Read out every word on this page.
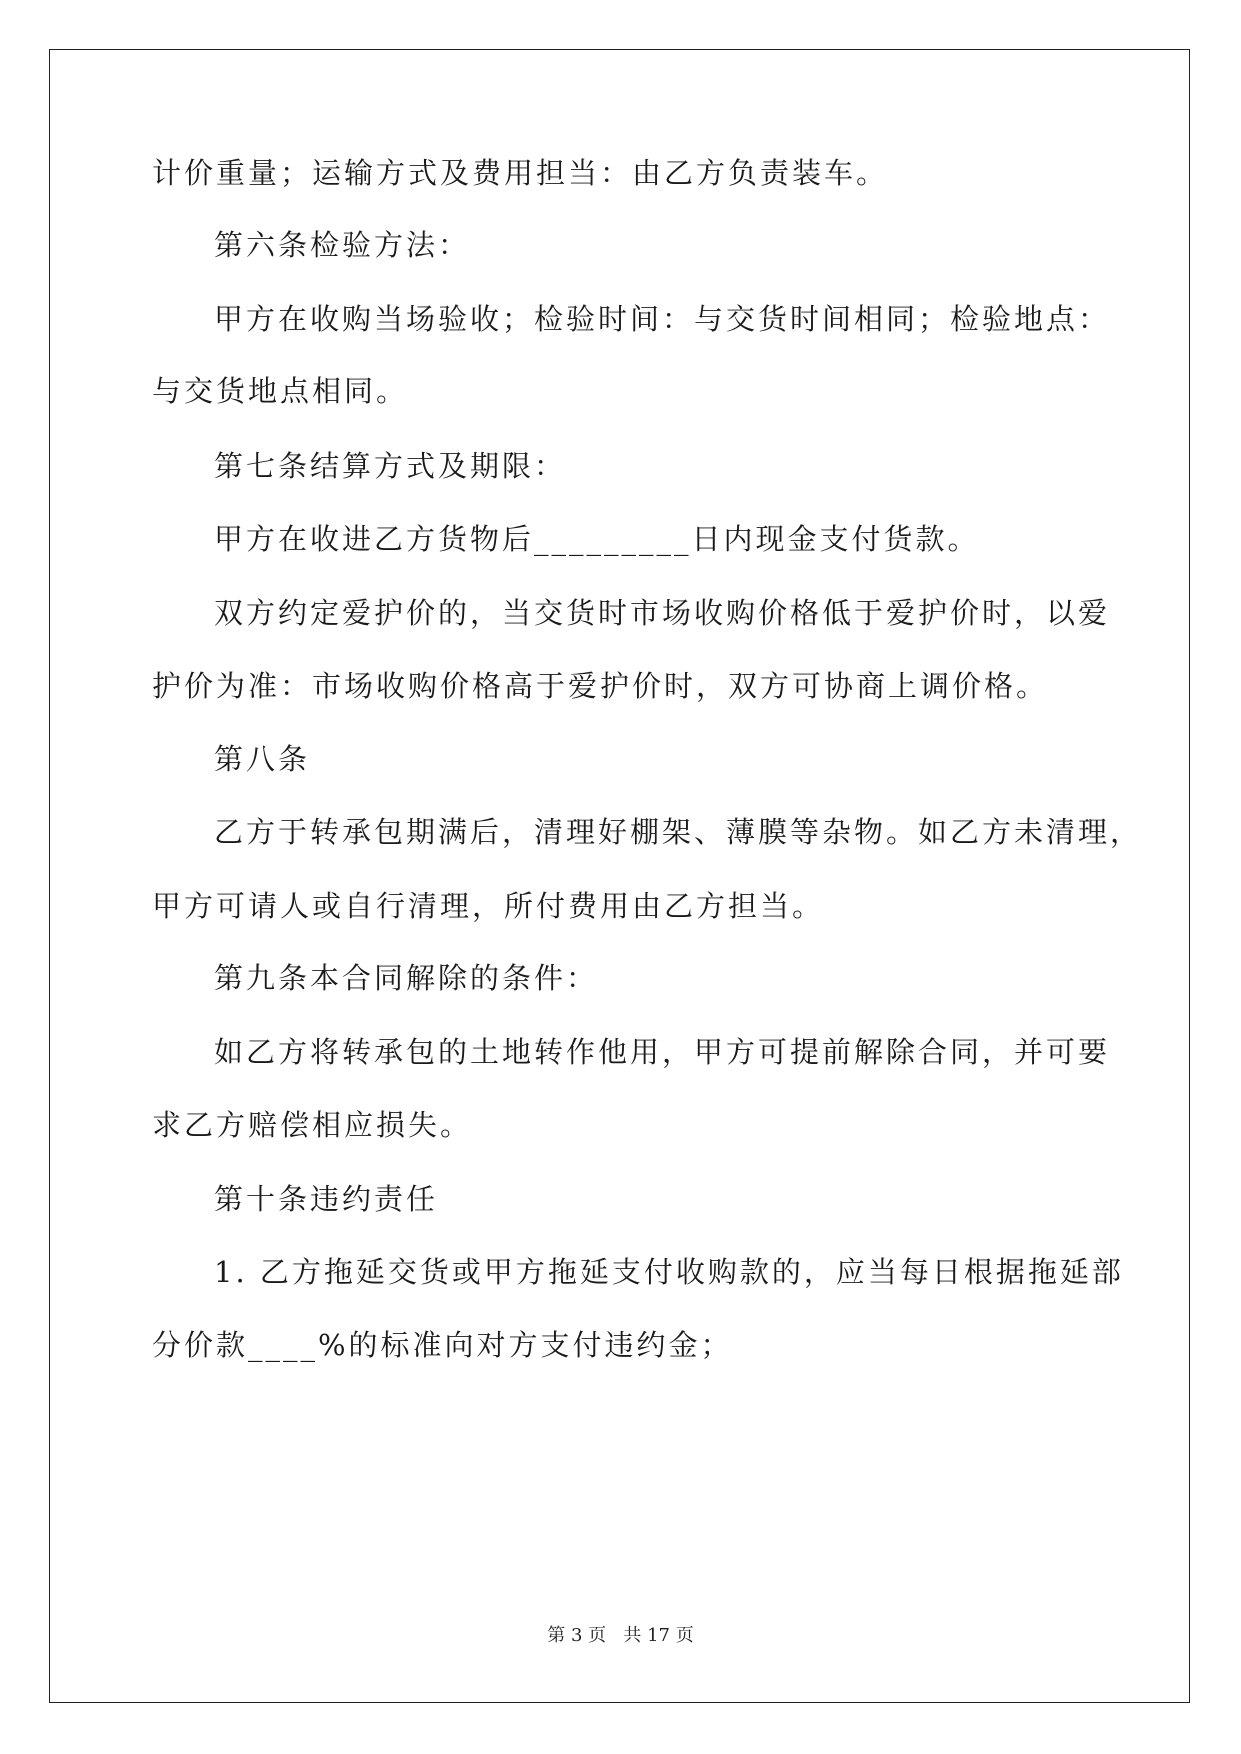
计价重量；运输方式及费用担当：由乙方负责装车。
第六条检验方法：
甲方在收购当场验收；检验时间：与交货时间相同；检验地点：
与交货地点相同。
第七条结算方式及期限：
甲方在收进乙方货物后_________日内现金支付货款。
双方约定爱护价的，当交货时市场收购价格低于爱护价时，以爱
护价为准：市场收购价格高于爱护价时，双方可协商上调价格。
第八条
乙方于转承包期满后，清理好棚架、薄膜等杂物。如乙方未清理，
甲方可请人或自行清理，所付费用由乙方担当。
第九条本合同解除的条件：
如乙方将转承包的土地转作他用，甲方可提前解除合同，并可要
求乙方赔偿相应损失。
第十条违约责任
1. 乙方拖延交货或甲方拖延支付收购款的，应当每日根据拖延部
分价款____%的标准向对方支付违约金；
第 3 页   共 17 页
